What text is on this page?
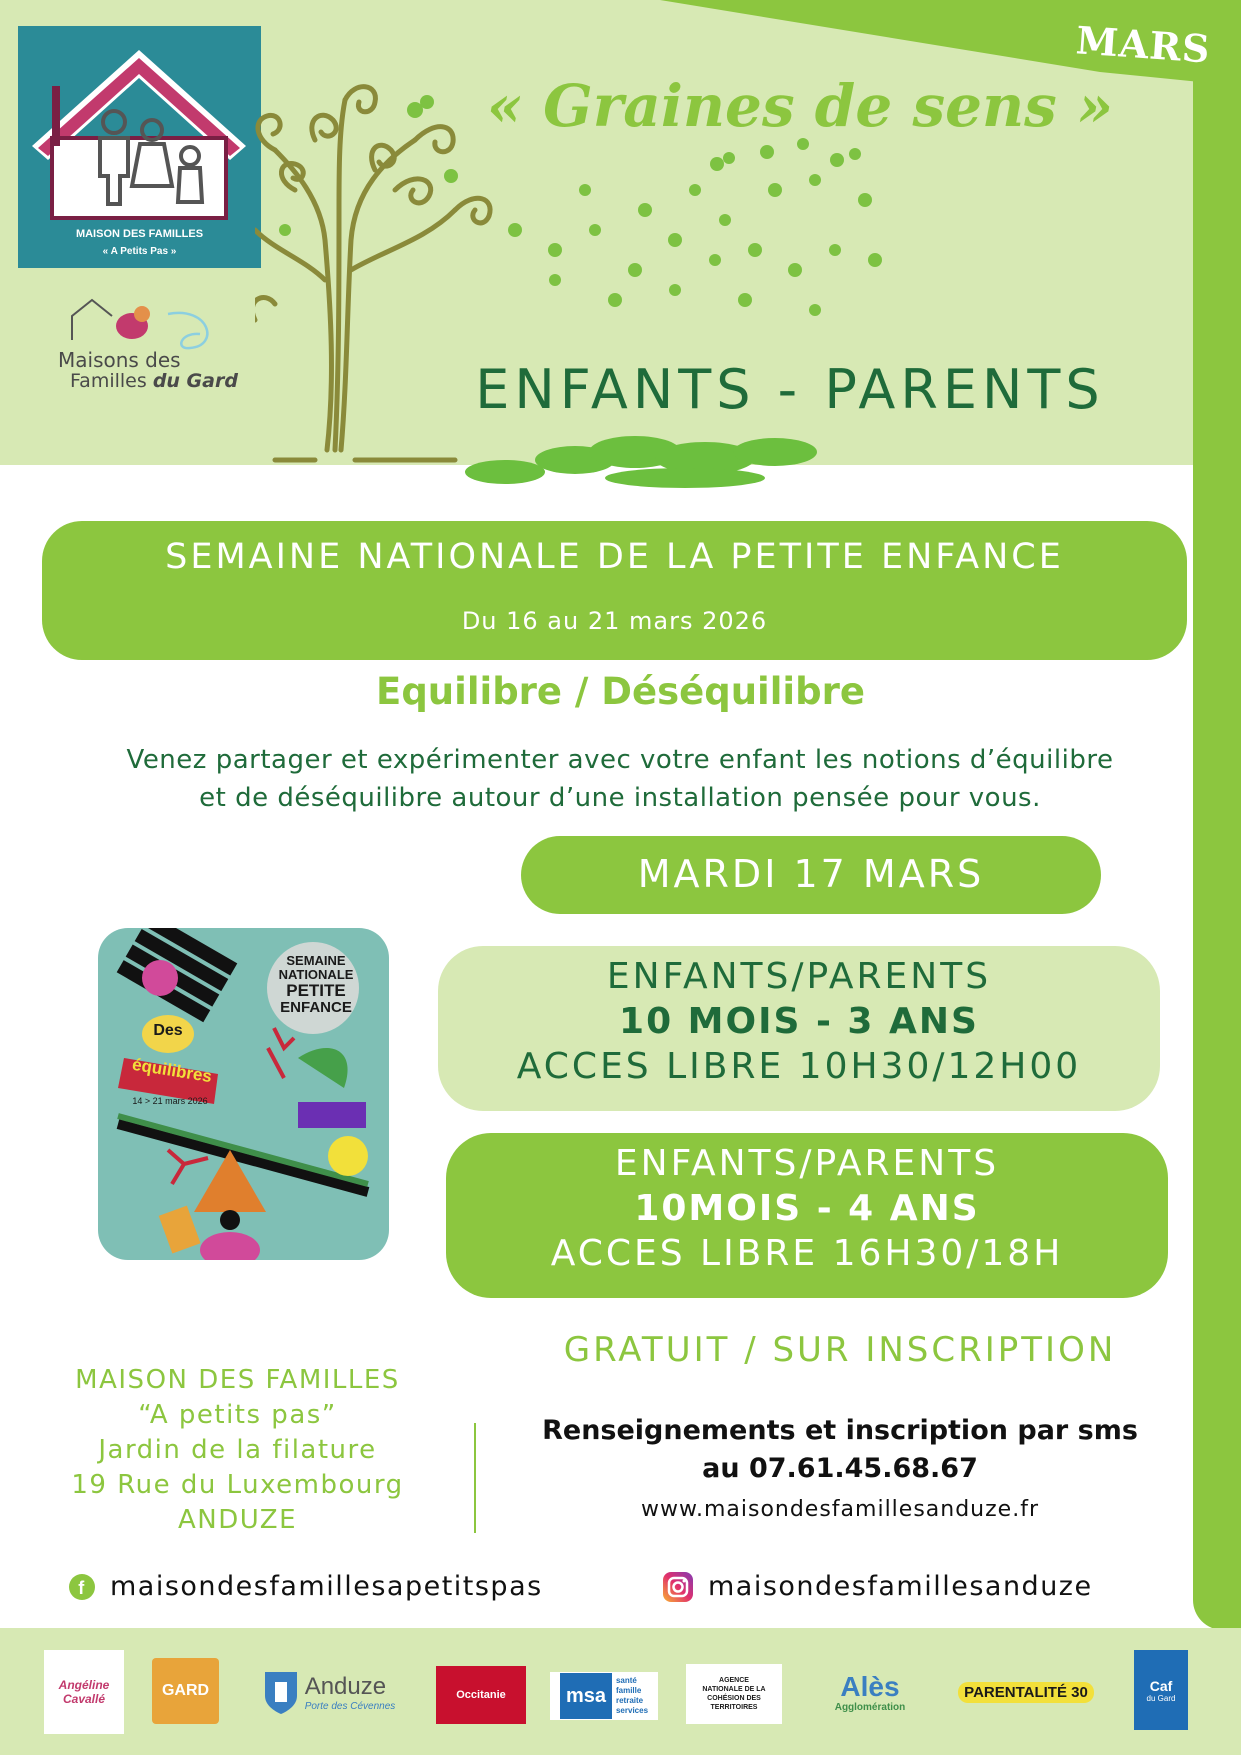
MARS
MAISON DES FAMILLES
« A Petits Pas »
Maisons des
Familles du Gard
« Graines de sens »
ENFANTS - PARENTS
SEMAINE NATIONALE DE LA PETITE ENFANCE
Du 16 au 21 mars 2026
Equilibre / Déséquilibre
Venez partager et expérimenter avec votre enfant les notions d’équilibre
et de déséquilibre autour d’une installation pensée pour vous.
MARDI 17 MARS
SEMAINE
NATIONALE
PETITE
ENFANCE
Des
équilibres
14 > 21 mars 2026
ENFANTS/PARENTS
10 MOIS - 3 ANS
ACCES LIBRE 10H30/12H00
ENFANTS/PARENTS
10MOIS - 4 ANS
ACCES LIBRE 16H30/18H
GRATUIT / SUR INSCRIPTION
MAISON DES FAMILLES
“A petits pas”
Jardin de la filature
19 Rue du Luxembourg
ANDUZE
Renseignements et inscription par sms
au 07.61.45.68.67
www.maisondesfamillesanduze.fr
f maisondesfamillesapetitspas	maisondesfamillesanduze
Angéline Cavallé	GARD	Anduze
Porte des Cévennes
Occitanie	msa
santé
famille
retraite
services
AGENCE NATIONALE DE LA COHÉSION DES TERRITOIRES
Alès
Agglomération
PARENTALITÉ 30	Caf
du Gard
